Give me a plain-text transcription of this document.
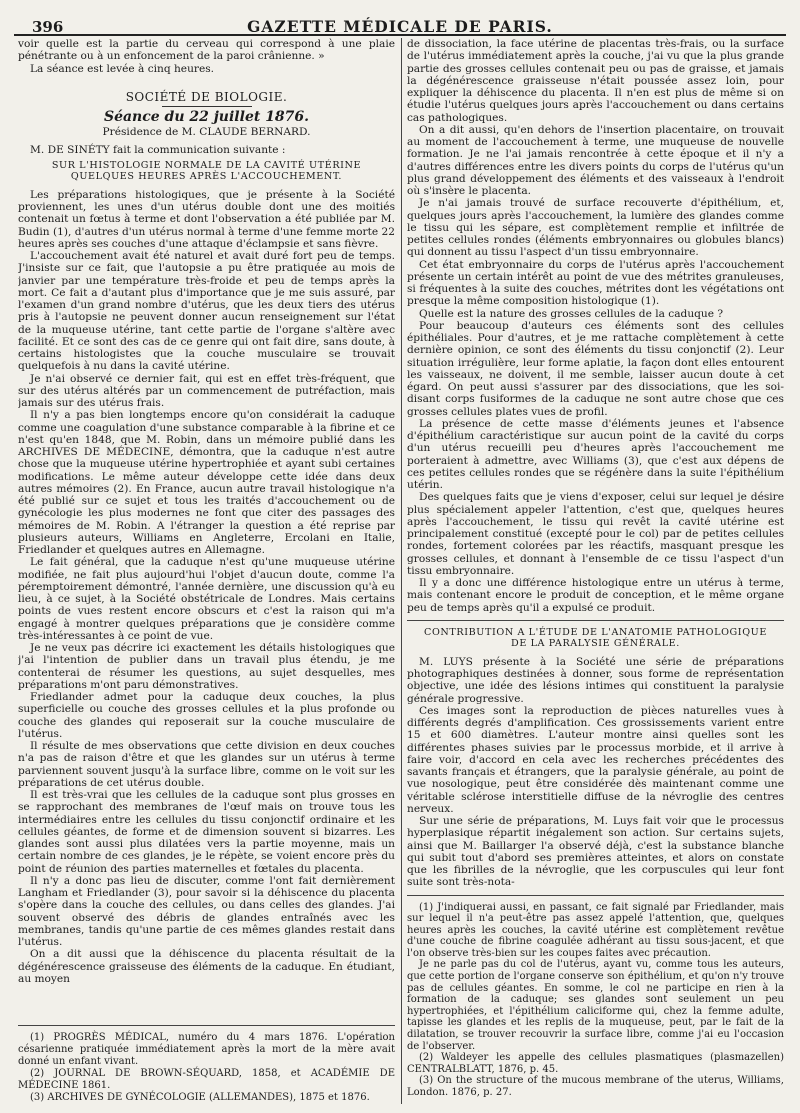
396	GAZETTE MÉDICALE DE PARIS.

voir quelle est la partie du cerveau qui correspond à une plaie pénétrante ou à un enfoncement de la paroi crânienne. »

La séance est levée à cinq heures.

SOCIÉTÉ DE BIOLOGIE.
Séance du 22 juillet 1876.
Présidence de M. CLAUDE BERNARD.

M. DE SINÉTY fait la communication suivante :

SUR L'HISTOLOGIE NORMALE DE LA CAVITÉ UTÉRINE QUELQUES HEURES APRÈS L'ACCOUCHEMENT.

Les préparations histologiques, que je présente à la Société proviennent, les unes d'un utérus double dont une des moitiés contenait un fœtus à terme et dont l'observation a été publiée par M. Budin (1), d'autres d'un utérus normal à terme d'une femme morte 22 heures après ses couches d'une attaque d'éclampsie et sans fièvre.

L'accouchement avait été naturel et avait duré fort peu de temps. J'insiste sur ce fait, que l'autopsie a pu être pratiquée au mois de janvier par une température très-froide et peu de temps après la mort. Ce fait a d'autant plus d'importance que je me suis assuré, par l'examen d'un grand nombre d'utérus, que les deux tiers des utérus pris à l'autopsie ne peuvent donner aucun renseignement sur l'état de la muqueuse utérine, tant cette partie de l'organe s'altère avec facilité. Et ce sont des cas de ce genre qui ont fait dire, sans doute, à certains histologistes que la couche musculaire se trouvait quelquefois à nu dans la cavité utérine.

Je n'ai observé ce dernier fait, qui est en effet très-fréquent, que sur des utérus altérés par un commencement de putréfaction, mais jamais sur des utérus frais.

Il n'y a pas bien longtemps encore qu'on considérait la caduque comme une coagulation d'une substance comparable à la fibrine et ce n'est qu'en 1848, que M. Robin, dans un mémoire publié dans les ARCHIVES DE MÉDECINE, démontra, que la caduque n'est autre chose que la muqueuse utérine hypertrophiée et ayant subi certaines modifications. Le même auteur développe cette idée dans deux autres mémoires (2). En France, aucun autre travail histologique n'a été publié sur ce sujet et tous les traités d'accouchement ou de gynécologie les plus modernes ne font que citer des passages des mémoires de M. Robin. A l'étranger la question a été reprise par plusieurs auteurs, Williams en Angleterre, Ercolani en Italie, Friedlander et quelques autres en Allemagne.

Le fait général, que la caduque n'est qu'une muqueuse utérine modifiée, ne fait plus aujourd'hui l'objet d'aucun doute, comme l'a péremptoirement démontré, l'année dernière, une discussion qu'à eu lieu, à ce sujet, à la Société obstétricale de Londres. Mais certains points de vues restent encore obscurs et c'est la raison qui m'a engagé à montrer quelques préparations que je considère comme très-intéressantes à ce point de vue.

Je ne veux pas décrire ici exactement les détails histologiques que j'ai l'intention de publier dans un travail plus étendu, je me contenterai de résumer les questions, au sujet desquelles, mes préparations m'ont paru démonstratives.

Friedlander admet pour la caduque deux couches, la plus superficielle ou couche des grosses cellules et la plus profonde ou couche des glandes qui reposerait sur la couche musculaire de l'utérus.

Il résulte de mes observations que cette division en deux couches n'a pas de raison d'être et que les glandes sur un utérus à terme parviennent souvent jusqu'à la surface libre, comme on le voit sur les préparations de cet utérus double.

Il est très-vrai que les cellules de la caduque sont plus grosses en se rapprochant des membranes de l'œuf mais on trouve tous les intermédiaires entre les cellules du tissu conjonctif ordinaire et les cellules géantes, de forme et de dimension souvent si bizarres. Les glandes sont aussi plus dilatées vers la partie moyenne, mais un certain nombre de ces glandes, je le répète, se voient encore près du point de réunion des parties maternelles et fœtales du placenta.

Il n'y a donc pas lieu de discuter, comme l'ont fait dernièrement Langham et Friedlander (3), pour savoir si la déhiscence du placenta s'opère dans la couche des cellules, ou dans celles des glandes. J'ai souvent observé des débris de glandes entraînés avec les membranes, tandis qu'une partie de ces mêmes glandes restait dans l'utérus.

On a dit aussi que la déhiscence du placenta résultait de la dégénérescence graisseuse des éléments de la caduque. En étudiant, au moyen

(1) PROGRÈS MÉDICAL, numéro du 4 mars 1876. L'opération césarienne pratiquée immédiatement après la mort de la mère avait donné un enfant vivant.

(2) JOURNAL DE BROWN-SÉQUARD, 1858, et ACADÉMIE DE MÉDECINE 1861.

(3) ARCHIVES DE GYNÉCOLOGIE (ALLEMANDES), 1875 et 1876.

de dissociation, la face utérine de placentas très-frais, ou la surface de l'utérus immédiatement après la couche, j'ai vu que la plus grande partie des grosses cellules contenait peu ou pas de graisse, et jamais la dégénérescence graisseuse n'était poussée assez loin, pour expliquer la déhiscence du placenta. Il n'en est plus de même si on étudie l'utérus quelques jours après l'accouchement ou dans certains cas pathologiques.

On a dit aussi, qu'en dehors de l'insertion placentaire, on trouvait au moment de l'accouchement à terme, une muqueuse de nouvelle formation. Je ne l'ai jamais rencontrée à cette époque et il n'y a d'autres différences entre les divers points du corps de l'utérus qu'un plus grand développement des éléments et des vaisseaux à l'endroit où s'insère le placenta.

Je n'ai jamais trouvé de surface recouverte d'épithélium, et, quelques jours après l'accouchement, la lumière des glandes comme le tissu qui les sépare, est complètement remplie et infiltrée de petites cellules rondes (éléments embryonnaires ou globules blancs) qui donnent au tissu l'aspect d'un tissu embryonnaire.

Cet état embryonnaire du corps de l'utérus après l'accouchement présente un certain intérêt au point de vue des métrites granuleuses, si fréquentes à la suite des couches, métrites dont les végétations ont presque la même composition histologique (1).

Quelle est la nature des grosses cellules de la caduque ?

Pour beaucoup d'auteurs ces éléments sont des cellules épithéliales. Pour d'autres, et je me rattache complètement à cette dernière opinion, ce sont des éléments du tissu conjonctif (2). Leur situation irrégulière, leur forme aplatie, la façon dont elles entourent les vaisseaux, ne doivent, il me semble, laisser aucun doute à cet égard. On peut aussi s'assurer par des dissociations, que les soi-disant corps fusiformes de la caduque ne sont autre chose que ces grosses cellules plates vues de profil.

La présence de cette masse d'éléments jeunes et l'absence d'épithélium caractéristique sur aucun point de la cavité du corps d'un utérus recueilli peu d'heures après l'accouchement me porteraient à admettre, avec Williams (3), que c'est aux dépens de ces petites cellules rondes que se régénère dans la suite l'épithélium utérin.

Des quelques faits que je viens d'exposer, celui sur lequel je désire plus spécialement appeler l'attention, c'est que, quelques heures après l'accouchement, le tissu qui revêt la cavité utérine est principalement constitué (excepté pour le col) par de petites cellules rondes, fortement colorées par les réactifs, masquant presque les grosses cellules, et donnant à l'ensemble de ce tissu l'aspect d'un tissu embryonnaire.

Il y a donc une différence histologique entre un utérus à terme, mais contenant encore le produit de conception, et le même organe peu de temps après qu'il a expulsé ce produit.

CONTRIBUTION A L'ÉTUDE DE L'ANATOMIE PATHOLOGIQUE DE LA PARALYSIE GÉNÉRALE.

M. LUYS présente à la Société une série de préparations photographiques destinées à donner, sous forme de représentation objective, une idée des lésions intimes qui constituent la paralysie générale progressive.

Ces images sont la reproduction de pièces naturelles vues à différents degrés d'amplification. Ces grossissements varient entre 15 et 600 diamètres. L'auteur montre ainsi quelles sont les différentes phases suivies par le processus morbide, et il arrive à faire voir, d'accord en cela avec les recherches précédentes des savants français et étrangers, que la paralysie générale, au point de vue nosologique, peut être considérée dès maintenant comme une véritable sclérose interstitielle diffuse de la névroglie des centres nerveux.

Sur une série de préparations, M. Luys fait voir que le processus hyperplasique répartit inégalement son action. Sur certains sujets, ainsi que M. Baillarger l'a observé déjà, c'est la substance blanche qui subit tout d'abord ses premières atteintes, et alors on constate que les fibrilles de la névroglie, que les corpuscules qui leur font suite sont très-nota-

(1) J'indiquerai aussi, en passant, ce fait signalé par Friedlander, mais sur lequel il n'a peut-être pas assez appelé l'attention, que, quelques heures après les couches, la cavité utérine est complètement revêtue d'une couche de fibrine coagulée adhérant au tissu sous-jacent, et que l'on observe très-bien sur les coupes faites avec précaution.

Je ne parle pas du col de l'utérus, ayant vu, comme tous les auteurs, que cette portion de l'organe conserve son épithélium, et qu'on n'y trouve pas de cellules géantes. En somme, le col ne participe en rien à la formation de la caduque; ses glandes sont seulement un peu hypertrophiées, et l'épithélium caliciforme qui, chez la femme adulte, tapisse les glandes et les replis de la muqueuse, peut, par le fait de la dilatation, se trouver recouvrir la surface libre, comme j'ai eu l'occasion de l'observer.

(2) Waldeyer les appelle des cellules plasmatiques (plasmazellen) CENTRALBLATT, 1876, p. 45.

(3) On the structure of the mucous membrane of the uterus, Williams, London. 1876, p. 27.
